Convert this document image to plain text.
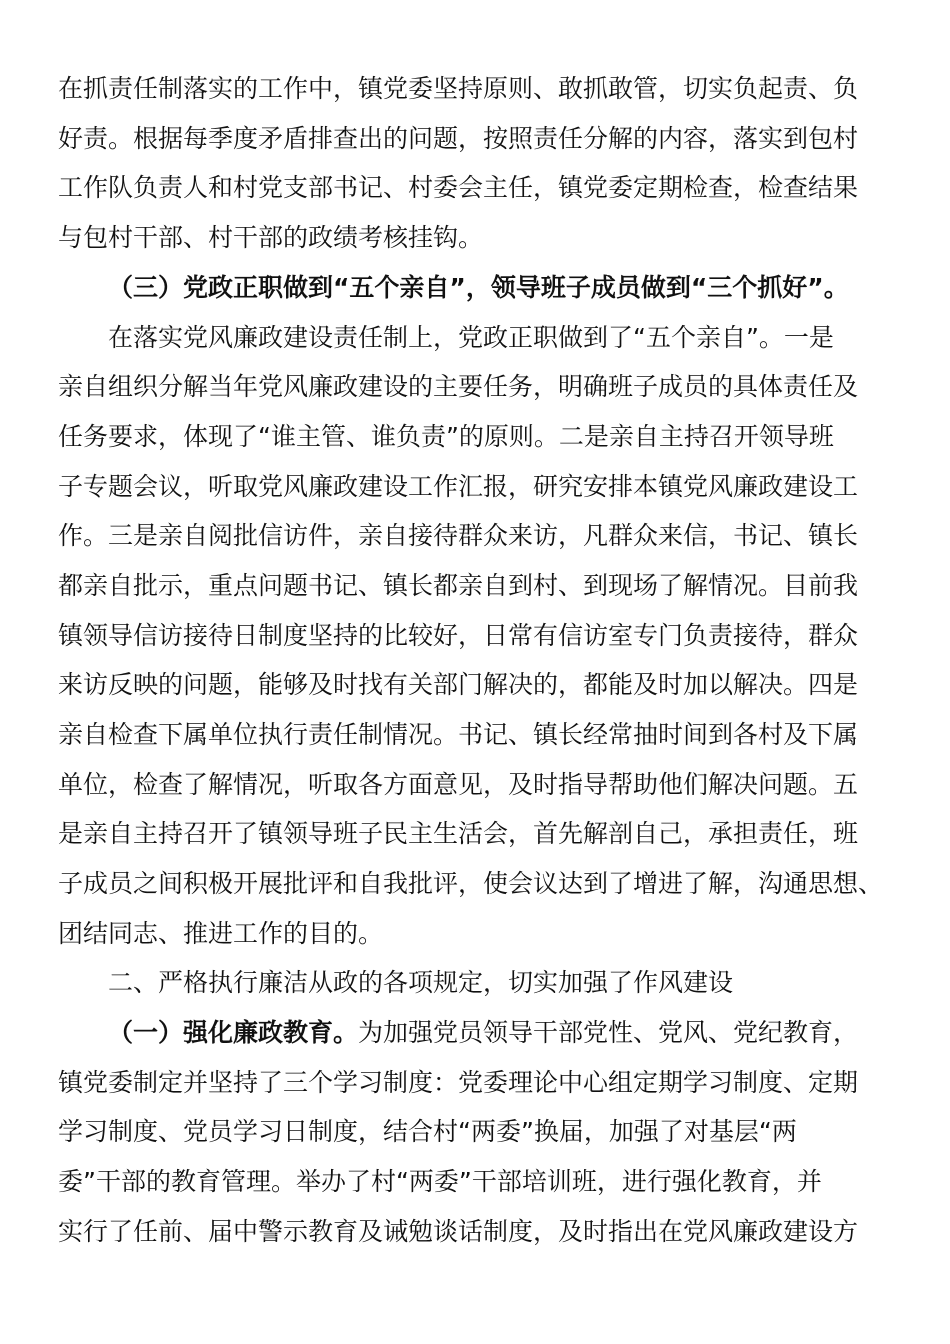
在抓责任制落实的工作中，镇党委坚持原则、敢抓敢管，切实负起责、负
好责。根据每季度矛盾排查出的问题，按照责任分解的内容，落实到包村
工作队负责人和村党支部书记、村委会主任，镇党委定期检查，检查结果
与包村干部、村干部的政绩考核挂钩。
（三）党政正职做到“五个亲自”，领导班子成员做到“三个抓好”。
在落实党风廉政建设责任制上，党政正职做到了“五个亲自”。一是
亲自组织分解当年党风廉政建设的主要任务，明确班子成员的具体责任及
任务要求，体现了“谁主管、谁负责”的原则。二是亲自主持召开领导班
子专题会议，听取党风廉政建设工作汇报，研究安排本镇党风廉政建设工
作。三是亲自阅批信访件，亲自接待群众来访，凡群众来信，书记、镇长
都亲自批示，重点问题书记、镇长都亲自到村、到现场了解情况。目前我
镇领导信访接待日制度坚持的比较好，日常有信访室专门负责接待，群众
来访反映的问题，能够及时找有关部门解决的，都能及时加以解决。四是
亲自检查下属单位执行责任制情况。书记、镇长经常抽时间到各村及下属
单位，检查了解情况，听取各方面意见，及时指导帮助他们解决问题。五
是亲自主持召开了镇领导班子民主生活会，首先解剖自己，承担责任，班
子成员之间积极开展批评和自我批评，使会议达到了增进了解，沟通思想、
团结同志、推进工作的目的。
二、严格执行廉洁从政的各项规定，切实加强了作风建设
（一）强化廉政教育。为加强党员领导干部党性、党风、党纪教育，
镇党委制定并坚持了三个学习制度：党委理论中心组定期学习制度、定期
学习制度、党员学习日制度，结合村“两委”换届，加强了对基层“两
委”干部的教育管理。举办了村“两委”干部培训班，进行强化教育，并
实行了任前、届中警示教育及诫勉谈话制度，及时指出在党风廉政建设方
